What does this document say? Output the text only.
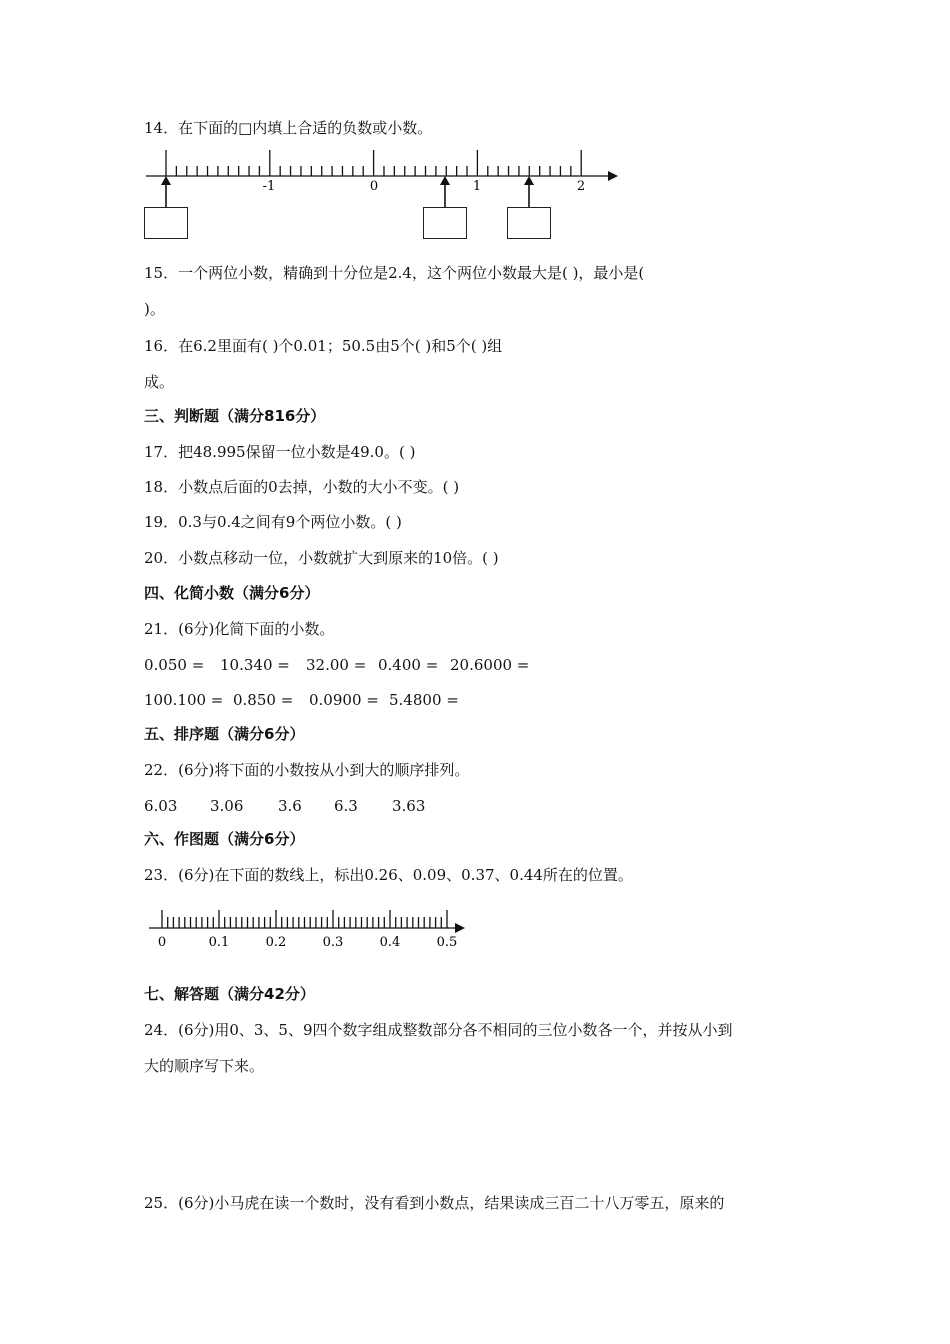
14．在下面的□内填上合适的负数或小数。
-1	0	1	2
15．一个两位小数，精确到十分位是2.4，这个两位小数最大是( )，最小是(
)。
16．在6.2里面有( )个0.01；50.5由5个( )和5个( )组
成。
三、判断题（满分816分）
17．把48.995保留一位小数是49.0。( )
18．小数点后面的0去掉，小数的大小不变。( )
19．0.3与0.4之间有9个两位小数。( )
20．小数点移动一位，小数就扩大到原来的10倍。( )
四、化简小数（满分6分）
21．(6分)化简下面的小数。
0.050 = 10.340 = 32.00 = 0.400 = 20.6000 =
100.100 = 0.850 = 0.0900 = 5.4800 =
五、排序题（满分6分）
22．(6分)将下面的小数按从小到大的顺序排列。
6.03 3.06 3.6 6.3 3.63
六、作图题（满分6分）
23．(6分)在下面的数线上，标出0.26、0.09、0.37、0.44所在的位置。
0	0.1	0.2	0.3	0.4	0.5
七、解答题（满分42分）
24．(6分)用0、3、5、9四个数字组成整数部分各不相同的三位小数各一个，并按从小到
大的顺序写下来。
25．(6分)小马虎在读一个数时，没有看到小数点，结果读成三百二十八万零五，原来的
